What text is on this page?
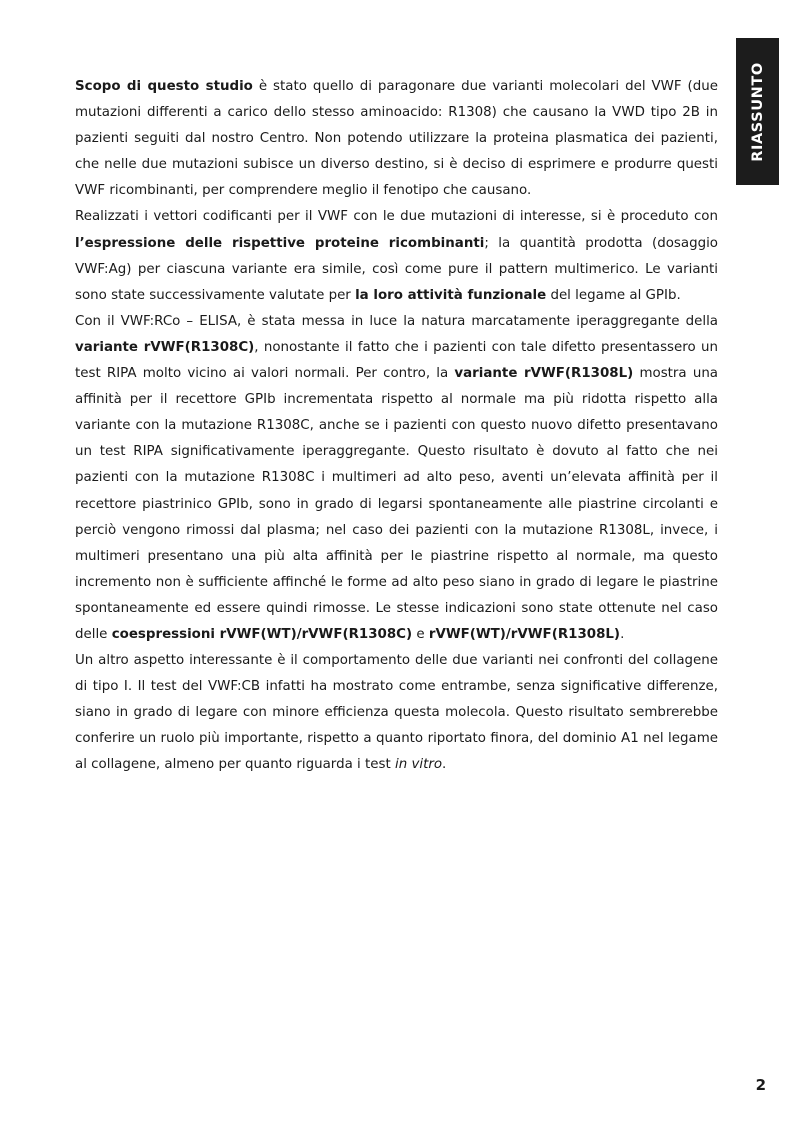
RIASSUNTO

Scopo di questo studio è stato quello di paragonare due varianti molecolari del VWF (due mutazioni differenti a carico dello stesso aminoacido: R1308) che causano la VWD tipo 2B in pazienti seguiti dal nostro Centro. Non potendo utilizzare la proteina plasmatica dei pazienti, che nelle due mutazioni subisce un diverso destino, si è deciso di esprimere e produrre questi VWF ricombinanti, per comprendere meglio il fenotipo che causano.

Realizzati i vettori codificanti per il VWF con le due mutazioni di interesse, si è proceduto con l’espressione delle rispettive proteine ricombinanti; la quantità prodotta (dosaggio VWF:Ag) per ciascuna variante era simile, così come pure il pattern multimerico. Le varianti sono state successivamente valutate per la loro attività funzionale del legame al GPIb.

Con il VWF:RCo – ELISA, è stata messa in luce la natura marcatamente iperaggregante della variante rVWF(R1308C), nonostante il fatto che i pazienti con tale difetto presentassero un test RIPA molto vicino ai valori normali. Per contro, la variante rVWF(R1308L) mostra una affinità per il recettore GPIb incrementata rispetto al normale ma più ridotta rispetto alla variante con la mutazione R1308C, anche se i pazienti con questo nuovo difetto presentavano un test RIPA significativamente iperaggregante. Questo risultato è dovuto al fatto che nei pazienti con la mutazione R1308C i multimeri ad alto peso, aventi un’elevata affinità per il recettore piastrinico GPIb, sono in grado di legarsi spontaneamente alle piastrine circolanti e perciò vengono rimossi dal plasma; nel caso dei pazienti con la mutazione R1308L, invece, i multimeri presentano una più alta affinità per le piastrine rispetto al normale, ma questo incremento non è sufficiente affinché le forme ad alto peso siano in grado di legare le piastrine spontaneamente ed essere quindi rimosse. Le stesse indicazioni sono state ottenute nel caso delle coespressioni rVWF(WT)/rVWF(R1308C) e rVWF(WT)/rVWF(R1308L).

Un altro aspetto interessante è il comportamento delle due varianti nei confronti del collagene di tipo I. Il test del VWF:CB infatti ha mostrato come entrambe, senza significative differenze, siano in grado di legare con minore efficienza questa molecola. Questo risultato sembrerebbe conferire un ruolo più importante, rispetto a quanto riportato finora, del dominio A1 nel legame al collagene, almeno per quanto riguarda i test in vitro.

2
